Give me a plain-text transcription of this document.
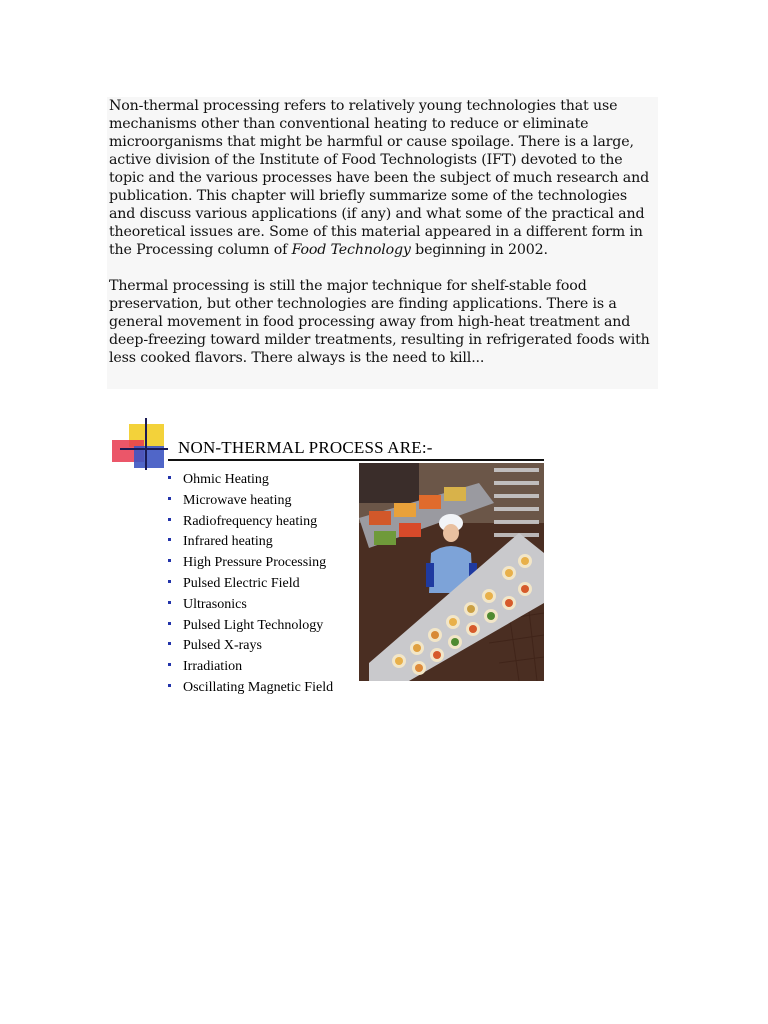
Non-thermal processing refers to relatively young technologies that use mechanisms other than conventional heating to reduce or eliminate microorganisms that might be harmful or cause spoilage. There is a large, active division of the Institute of Food Technologists (IFT) devoted to the topic and the various processes have been the subject of much research and publication. This chapter will briefly summarize some of the technologies and discuss various applications (if any) and what some of the practical and theoretical issues are. Some of this material appeared in a different form in the Processing column of Food Technology beginning in 2002.

Thermal processing is still the major technique for shelf-stable food preservation, but other technologies are finding applications. There is a general movement in food processing away from high-heat treatment and deep-freezing toward milder treatments, resulting in refrigerated foods with less cooked flavors. There always is the need to kill...

NON-THERMAL PROCESS ARE:-
Ohmic Heating
Microwave heating
Radiofrequency heating
Infrared heating
High Pressure Processing
Pulsed Electric Field
Ultrasonics
Pulsed Light Technology
Pulsed X-rays
Irradiation
Oscillating Magnetic Field
